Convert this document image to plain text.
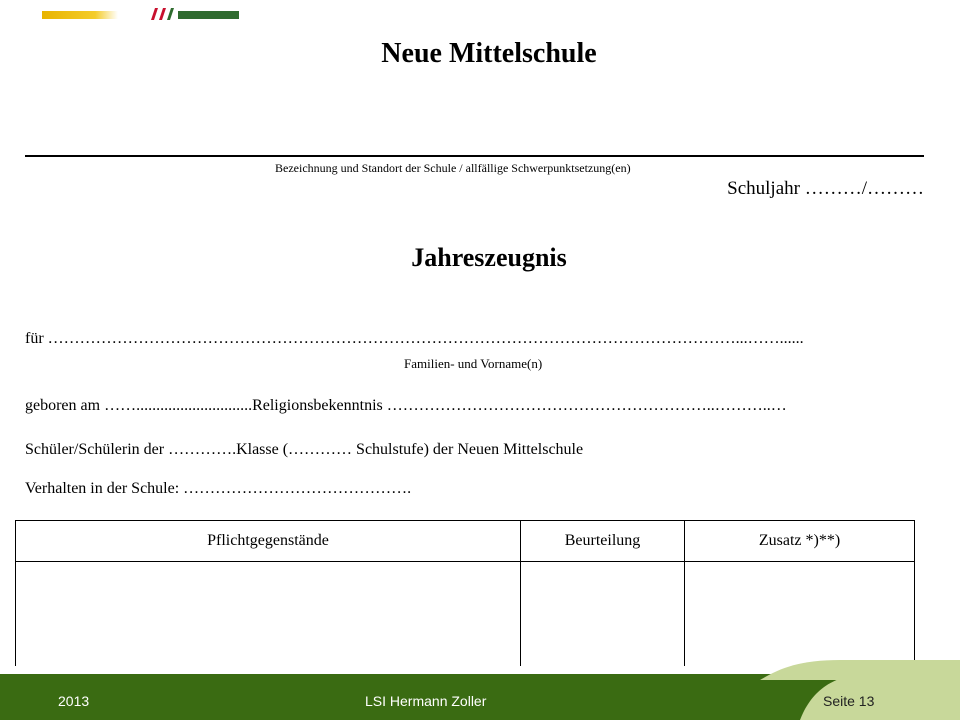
Neue Mittelschule
Bezeichnung und Standort der Schule / allfällige Schwerpunktsetzung(en)
Schuljahr ………/………
Jahreszeugnis
für …………………………………………………………………………………………………………………...……......
Familien- und Vorname(n)
geboren am …….............................Religionsbekenntnis ……………………………………………………..………..…
Schüler/Schülerin der ………….Klasse (………… Schulstufe) der Neuen Mittelschule
Verhalten in der Schule: …………………………………….
Pflichtgegenstände	Beurteilung	Zusatz *)**)

2013	LSI Hermann Zoller	Seite 13
